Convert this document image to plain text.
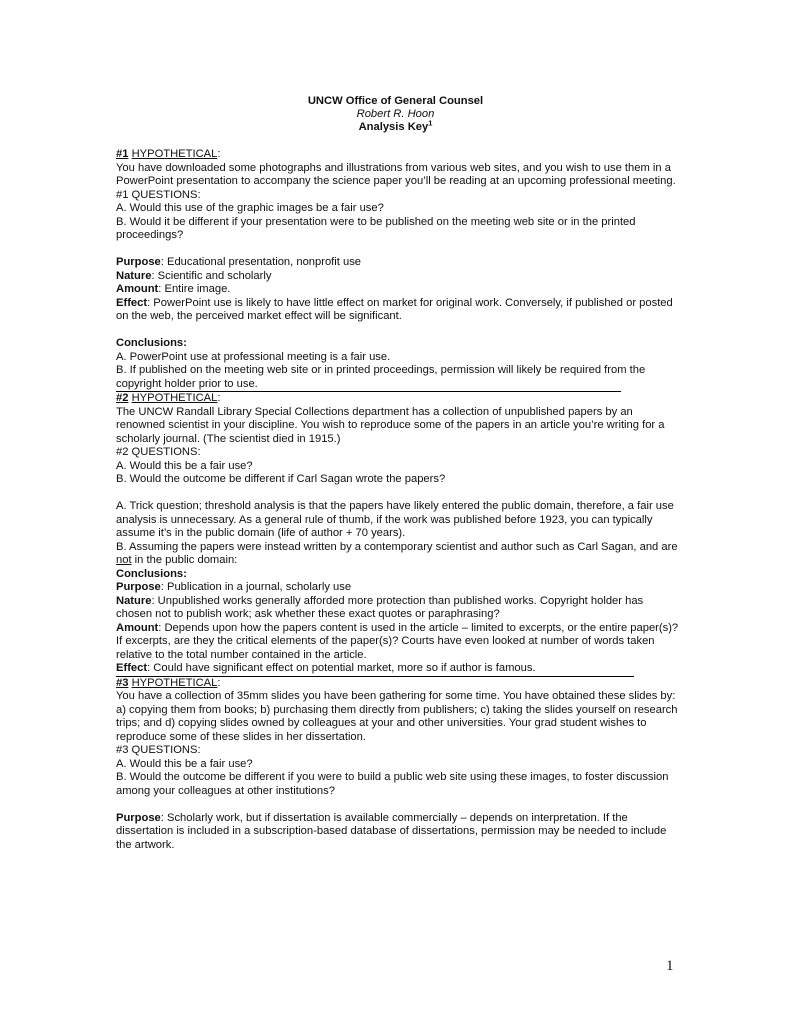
UNCW Office of General Counsel
Robert R. Hoon
Analysis Key$^1$

#1 HYPOTHETICAL:

You have downloaded some photographs and illustrations from various web sites, and you wish to use them in a PowerPoint presentation to accompany the science paper you’ll be reading at an upcoming professional meeting.

#1 QUESTIONS:

A. Would this use of the graphic images be a fair use?

B. Would it be different if your presentation were to be published on the meeting web site or in the printed proceedings?

Purpose: Educational presentation, nonprofit use

Nature: Scientific and scholarly

Amount: Entire image.

Effect: PowerPoint use is likely to have little effect on market for original work. Conversely, if published or posted on the web, the perceived market effect will be significant.

Conclusions:

A. PowerPoint use at professional meeting is a fair use.

B. If published on the meeting web site or in printed proceedings, permission will likely be required from the copyright holder prior to use.

#2 HYPOTHETICAL:

The UNCW Randall Library Special Collections department has a collection of unpublished papers by an renowned scientist in your discipline. You wish to reproduce some of the papers in an article you’re writing for a scholarly journal. (The scientist died in 1915.)

#2 QUESTIONS:

A. Would this be a fair use?

B. Would the outcome be different if Carl Sagan wrote the papers?

A. Trick question; threshold analysis is that the papers have likely entered the public domain, therefore, a fair use analysis is unnecessary. As a general rule of thumb, if the work was published before 1923, you can typically assume it’s in the public domain (life of author + 70 years).

B. Assuming the papers were instead written by a contemporary scientist and author such as Carl Sagan, and are not in the public domain:

Conclusions:

Purpose: Publication in a journal, scholarly use

Nature: Unpublished works generally afforded more protection than published works. Copyright holder has chosen not to publish work; ask whether these exact quotes or paraphrasing?

Amount: Depends upon how the papers content is used in the article – limited to excerpts, or the entire paper(s)? If excerpts, are they the critical elements of the paper(s)? Courts have even looked at number of words taken relative to the total number contained in the article.

Effect: Could have significant effect on potential market, more so if author is famous.

#3 HYPOTHETICAL:

You have a collection of 35mm slides you have been gathering for some time. You have obtained these slides by: a) copying them from books; b) purchasing them directly from publishers; c) taking the slides yourself on research trips; and d) copying slides owned by colleagues at your and other universities. Your grad student wishes to reproduce some of these slides in her dissertation.

#3 QUESTIONS:

A. Would this be a fair use?

B. Would the outcome be different if you were to build a public web site using these images, to foster discussion among your colleagues at other institutions?

Purpose: Scholarly work, but if dissertation is available commercially – depends on interpretation. If the dissertation is included in a subscription-based database of dissertations, permission may be needed to include the artwork.

1
